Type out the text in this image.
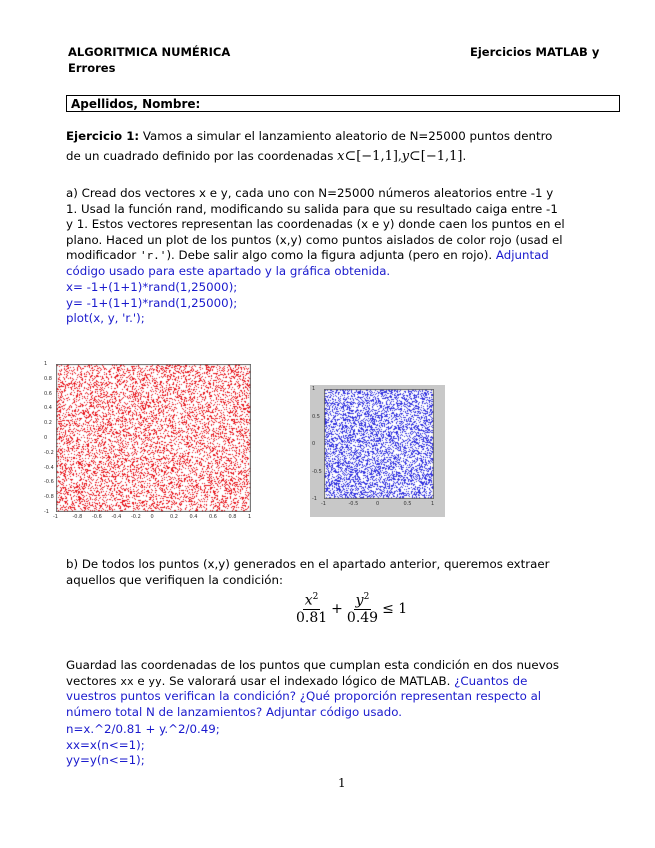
ALGORITMICA NUMÉRICA
Errores
Ejercicios MATLAB y
Apellidos, Nombre:
Ejercicio 1: Vamos a simular el lanzamiento aleatorio de N=25000 puntos dentro
de un cuadrado definido por las coordenadas x⊂[−1,1],y⊂[−1,1].
a) Cread dos vectores x e y, cada uno con N=25000 números aleatorios entre -1 y
1. Usad la función rand, modificando su salida para que su resultado caiga entre -1
y 1. Estos vectores representan las coordenadas (x e y) donde caen los puntos en el
plano. Haced un plot de los puntos (x,y) como puntos aislados de color rojo (usad el
modificador 'r.'). Debe salir algo como la figura adjunta (pero en rojo). Adjuntad
código usado para este apartado y la gráfica obtenida.
x= -1+(1+1)*rand(1,25000);
y= -1+(1+1)*rand(1,25000);
plot(x, y, 'r.');
1
0.8
0.6
0.4
0.2
0
-0.2
-0.4
-0.6
-0.8
-1
-1	-0.8 -0.6 -0.4 -0.2 0	0.2 0.4 0.6 0.8 1
1
0.5
0
-0.5
-1
-1	-0.5	0	0.5	1
b) De todos los puntos (x,y) generados en el apartado anterior, queremos extraer
aquellos que verifiquen la condición:
$\frac{x^2}{0.81} + \frac{y^2}{0.49} \le 1$
Guardad las coordenadas de los puntos que cumplan esta condición en dos nuevos
vectores xx e yy. Se valorará usar el indexado lógico de MATLAB. ¿Cuantos de
vuestros puntos verifican la condición? ¿Qué proporción representan respecto al
número total N de lanzamientos? Adjuntar código usado.
n=x.^2/0.81 + y.^2/0.49;
xx=x(n<=1);
yy=y(n<=1);
1
